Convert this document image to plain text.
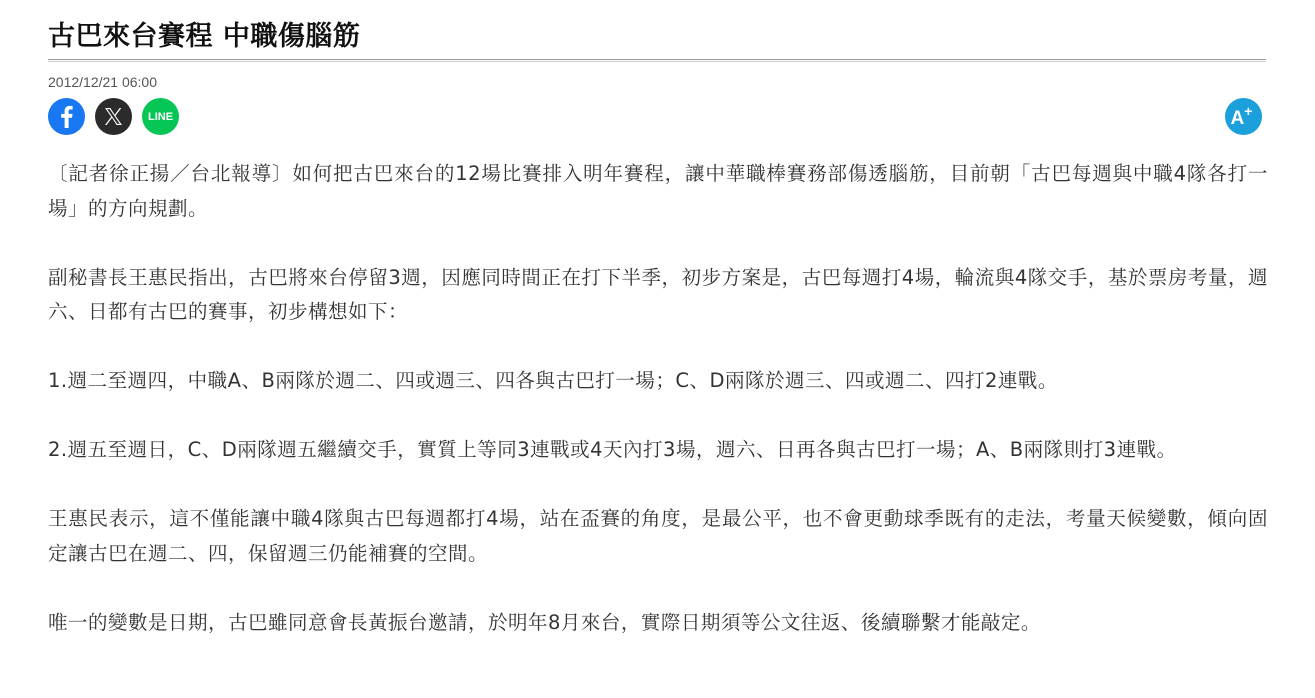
古巴來台賽程 中職傷腦筋
2012/12/21 06:00
LINE	A +

〔記者徐正揚／台北報導〕如何把古巴來台的12場比賽排入明年賽程，讓中華職棒賽務部傷透腦筋，目前朝「古巴每週與中職4隊各打一場」的方向規劃。

副秘書長王惠民指出，古巴將來台停留3週，因應同時間正在打下半季，初步方案是，古巴每週打4場，輪流與4隊交手，基於票房考量，週六、日都有古巴的賽事，初步構想如下：

1.週二至週四，中職A、B兩隊於週二、四或週三、四各與古巴打一場；C、D兩隊於週三、四或週二、四打2連戰。

2.週五至週日，C、D兩隊週五繼續交手，實質上等同3連戰或4天內打3場，週六、日再各與古巴打一場；A、B兩隊則打3連戰。

王惠民表示，這不僅能讓中職4隊與古巴每週都打4場，站在盃賽的角度，是最公平，也不會更動球季既有的走法，考量天候變數，傾向固定讓古巴在週二、四，保留週三仍能補賽的空間。

唯一的變數是日期，古巴雖同意會長黃振台邀請，於明年8月來台，實際日期須等公文往返、後續聯繫才能敲定。
